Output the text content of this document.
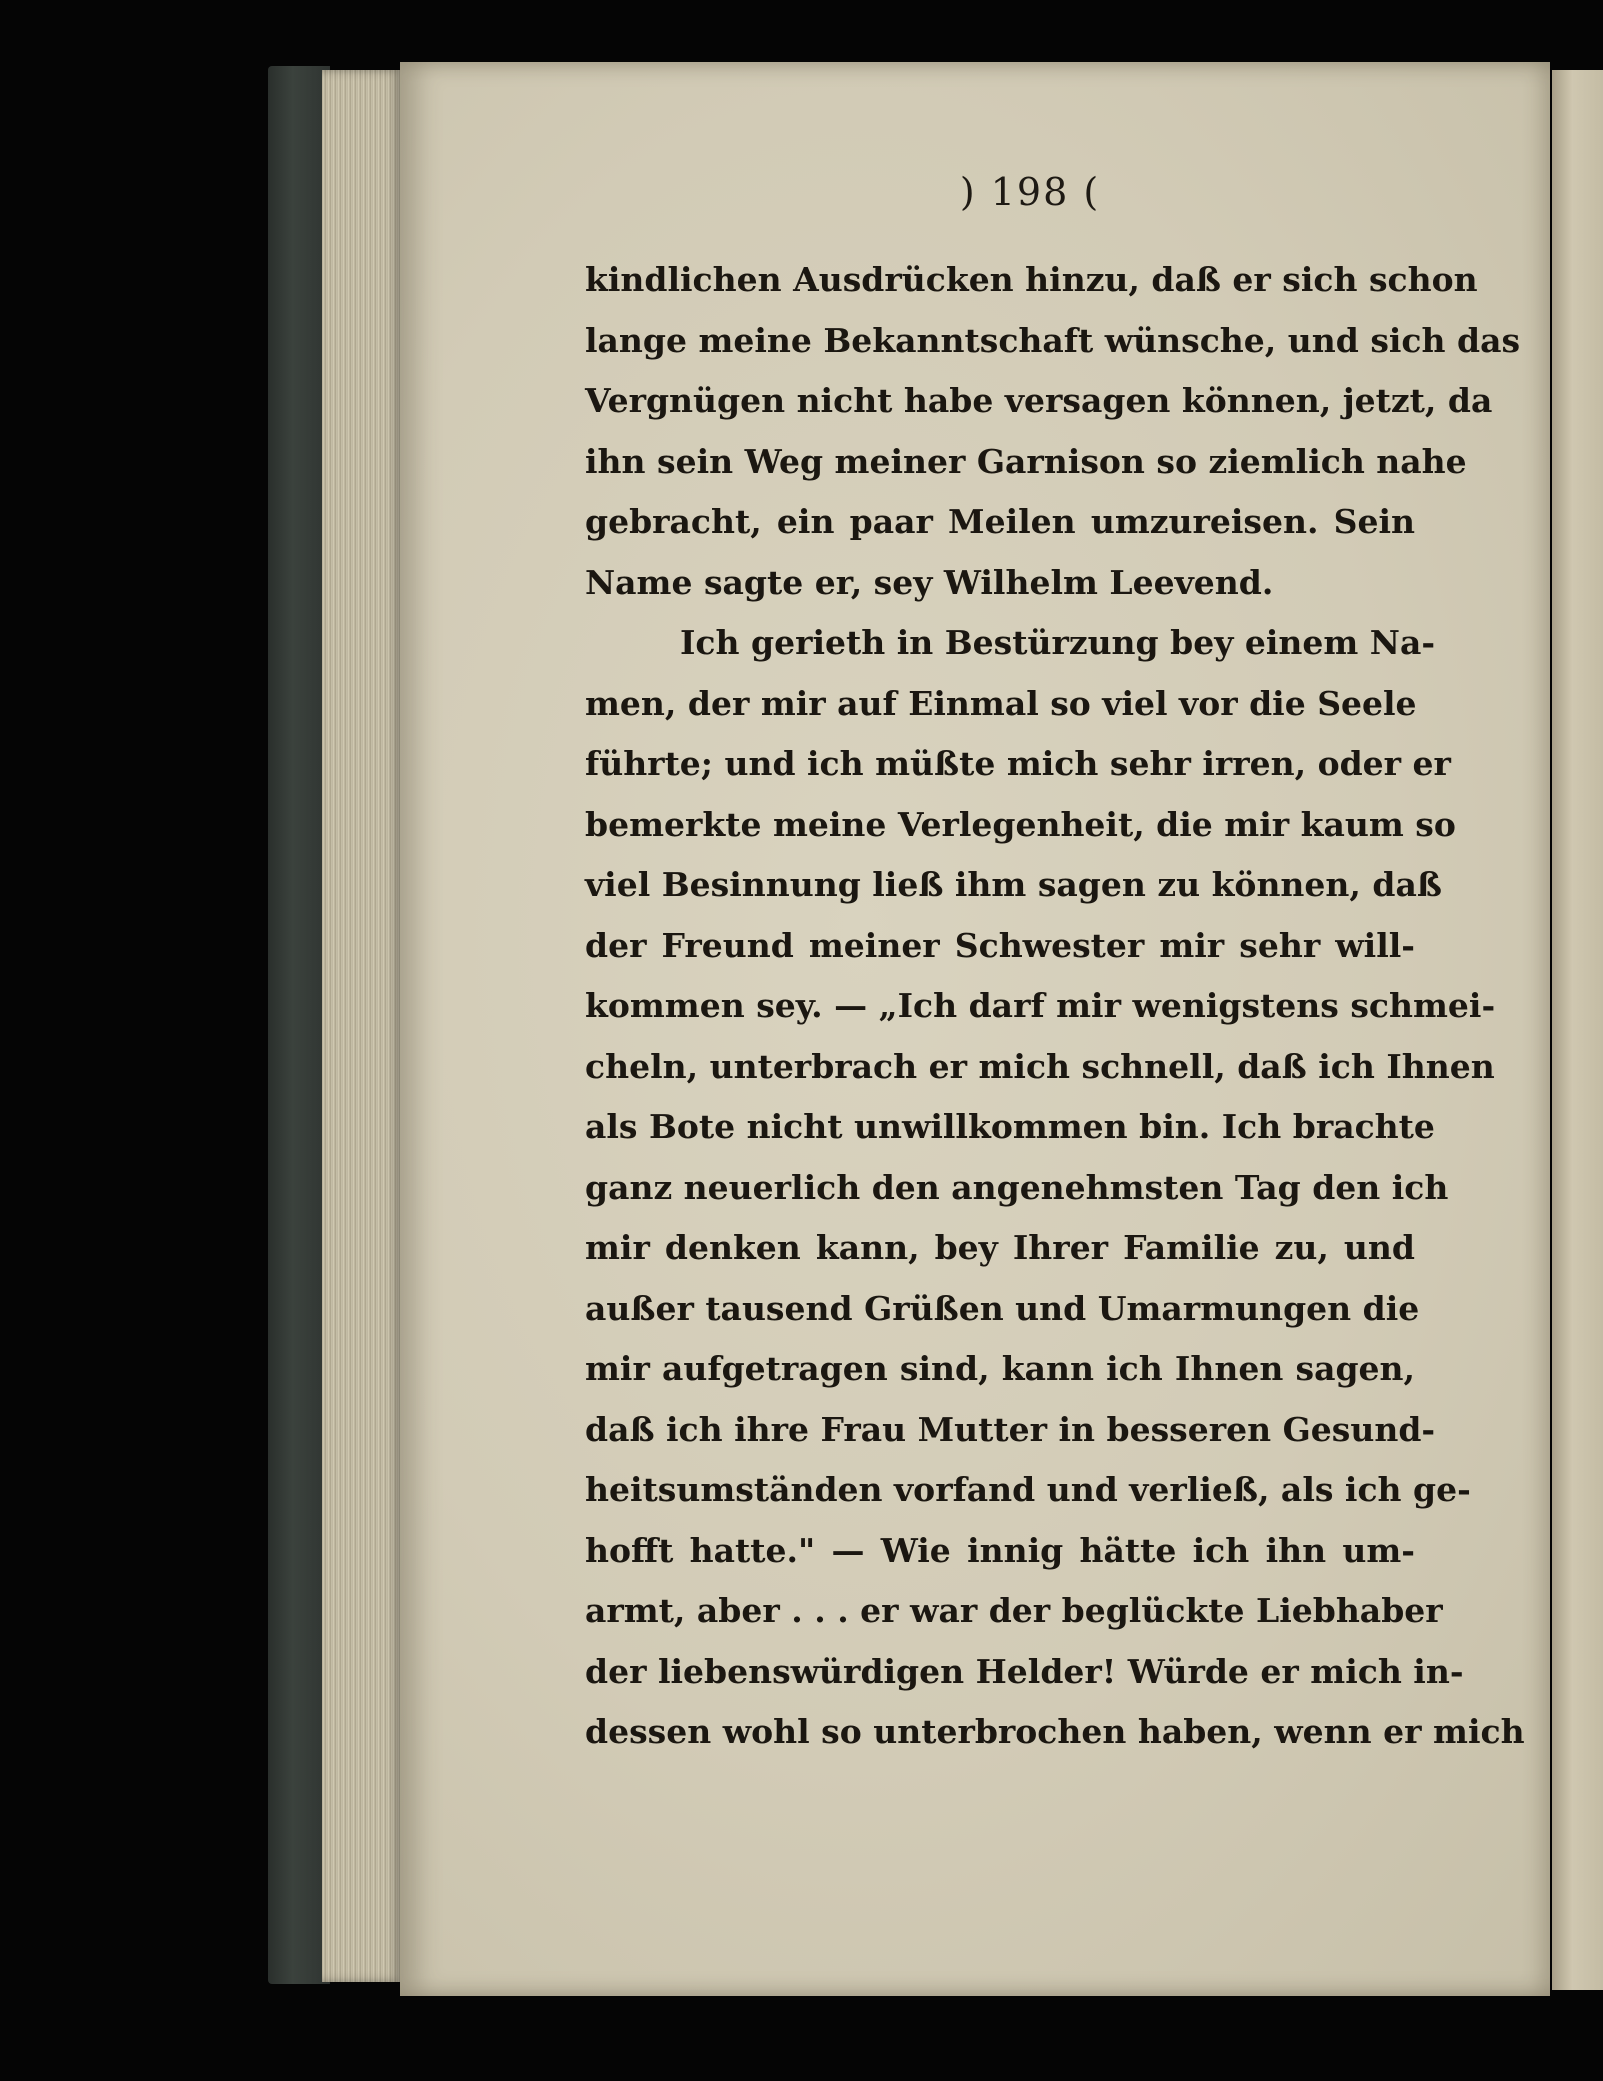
) 198 (
kindlichen Ausdrücken hinzu, daß er sich schon
lange meine Bekanntschaft wünsche, und sich das
Vergnügen nicht habe versagen können, jetzt, da
ihn sein Weg meiner Garnison so ziemlich nahe
gebracht, ein paar Meilen umzureisen. Sein
Name sagte er, sey Wilhelm Leevend.
Ich gerieth in Bestürzung bey einem Na-
men, der mir auf Einmal so viel vor die Seele
führte; und ich müßte mich sehr irren, oder er
bemerkte meine Verlegenheit, die mir kaum so
viel Besinnung ließ ihm sagen zu können, daß
der Freund meiner Schwester mir sehr will-
kommen sey. — „Ich darf mir wenigstens schmei-
cheln, unterbrach er mich schnell, daß ich Ihnen
als Bote nicht unwillkommen bin. Ich brachte
ganz neuerlich den angenehmsten Tag den ich
mir denken kann, bey Ihrer Familie zu, und
außer tausend Grüßen und Umarmungen die
mir aufgetragen sind, kann ich Ihnen sagen,
daß ich ihre Frau Mutter in besseren Gesund-
heitsumständen vorfand und verließ, als ich ge-
hofft hatte." — Wie innig hätte ich ihn um-
armt, aber . . . er war der beglückte Liebhaber
der liebenswürdigen Helder! Würde er mich in-
dessen wohl so unterbrochen haben, wenn er mich
